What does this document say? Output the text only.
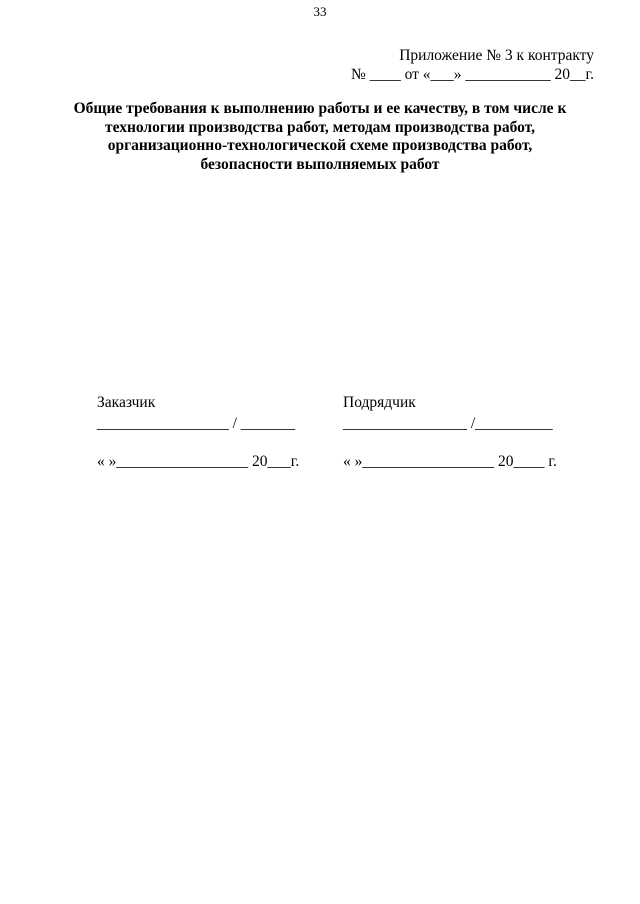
33
Приложение № 3 к контракту
№ ____ от «___» ___________ 20__г.
Общие требования к выполнению работы и ее качеству, в том числе к
технологии производства работ, методам производства работ,
организационно-технологической схеме производства работ,
безопасности выполняемых работ
Заказчик
_________________ / _______
« »_________________ 20___г.
Подрядчик
________________ /__________
« »_________________ 20____ г.
